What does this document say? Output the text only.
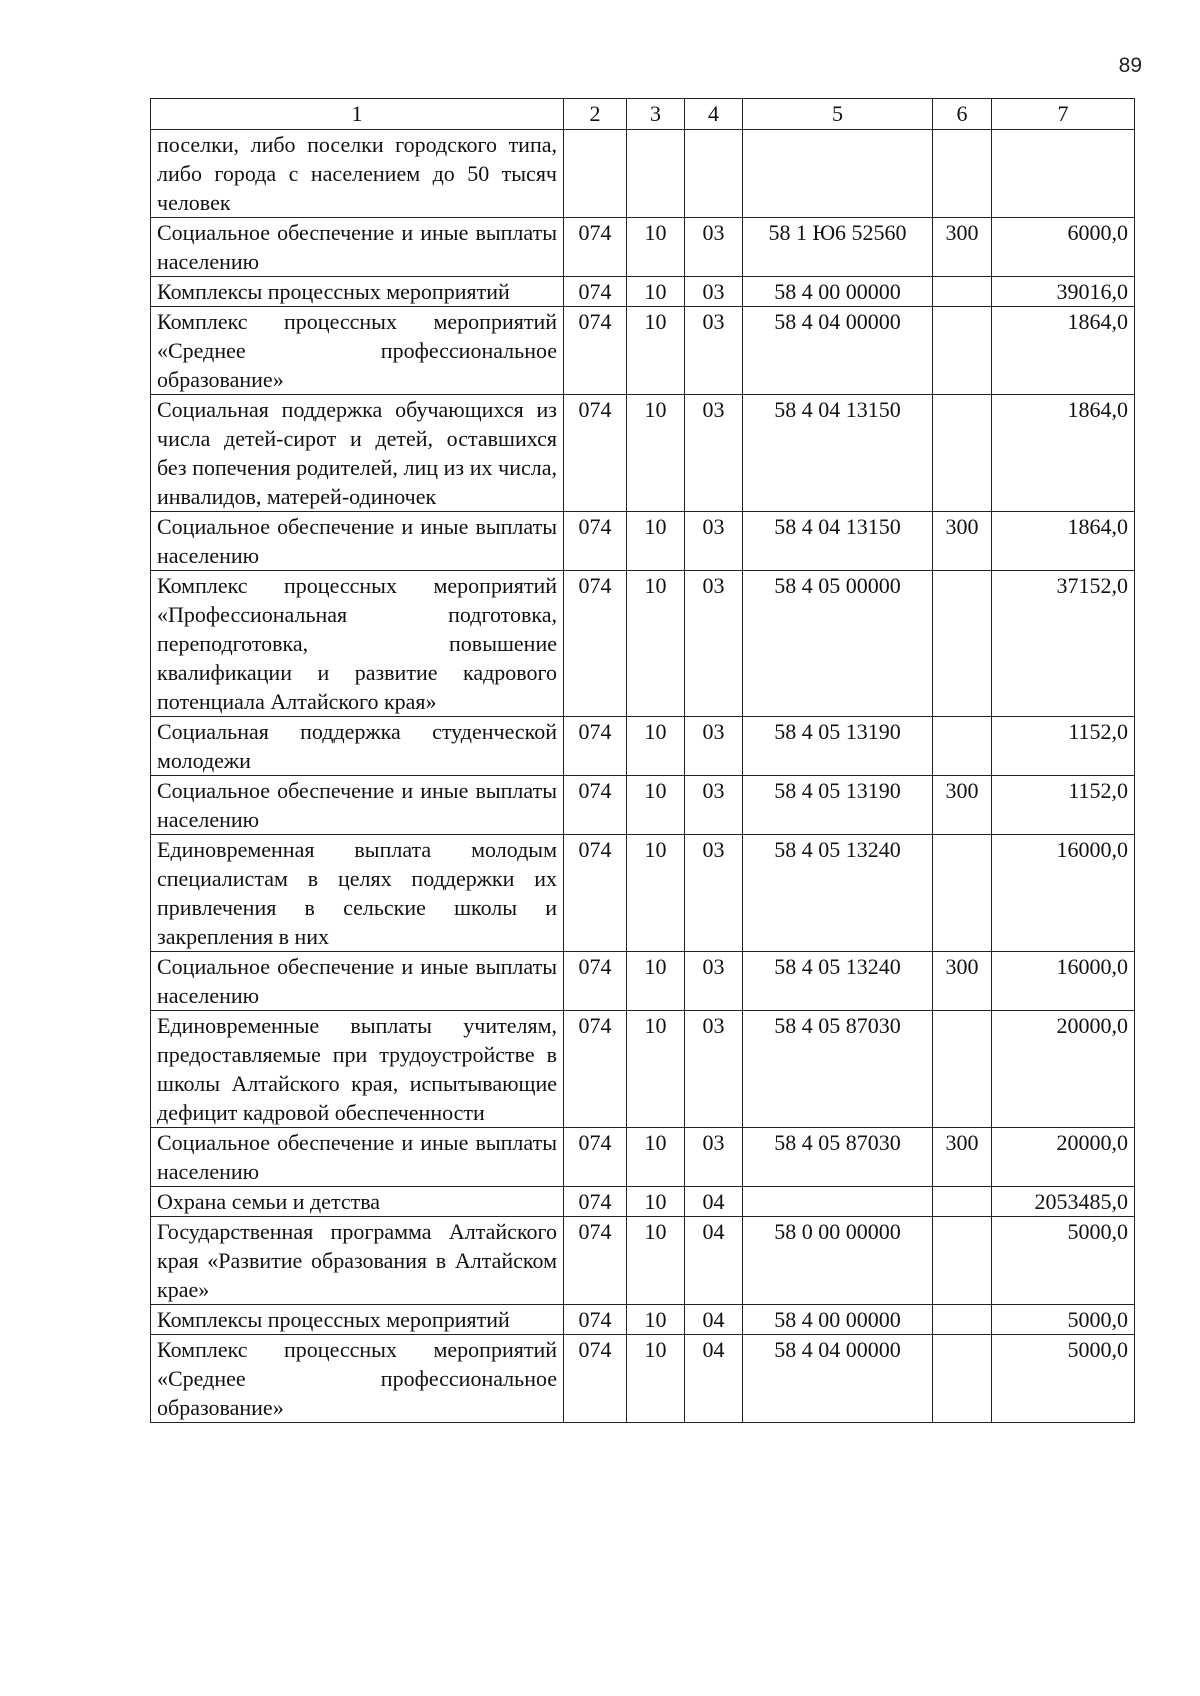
89
1	2	3	4	5	6	7
поселки, либо поселки городского типа, либо города с населением до 50 тысяч человек						
Социальное обеспечение и иные выплаты населению	074	10	03	58 1 Ю6 52560	300	6000,0
Комплексы процессных мероприятий	074	10	03	58 4 00 00000		39016,0
Комплекс процессных мероприятий «Среднее профессиональное образование»	074	10	03	58 4 04 00000		1864,0
Социальная поддержка обучающихся из числа детей-сирот и детей, оставшихся без попечения родителей, лиц из их числа, инвалидов, матерей-одиночек	074	10	03	58 4 04 13150		1864,0
Социальное обеспечение и иные выплаты населению	074	10	03	58 4 04 13150	300	1864,0
Комплекс процессных мероприятий «Профессиональная подготовка, переподготовка, повышение квалификации и развитие кадрового потенциала Алтайского края»	074	10	03	58 4 05 00000		37152,0
Социальная поддержка студенческой молодежи	074	10	03	58 4 05 13190		1152,0
Социальное обеспечение и иные выплаты населению	074	10	03	58 4 05 13190	300	1152,0
Единовременная выплата молодым специалистам в целях поддержки их привлечения в сельские школы и закрепления в них	074	10	03	58 4 05 13240		16000,0
Социальное обеспечение и иные выплаты населению	074	10	03	58 4 05 13240	300	16000,0
Единовременные выплаты учителям, предоставляемые при трудоустройстве в школы Алтайского края, испытывающие дефицит кадровой обеспеченности	074	10	03	58 4 05 87030		20000,0
Социальное обеспечение и иные выплаты населению	074	10	03	58 4 05 87030	300	20000,0
Охрана семьи и детства	074	10	04			2053485,0
Государственная программа Алтайского края «Развитие образования в Алтайском крае»	074	10	04	58 0 00 00000		5000,0
Комплексы процессных мероприятий	074	10	04	58 4 00 00000		5000,0
Комплекс процессных мероприятий «Среднее профессиональное образование»	074	10	04	58 4 04 00000		5000,0
